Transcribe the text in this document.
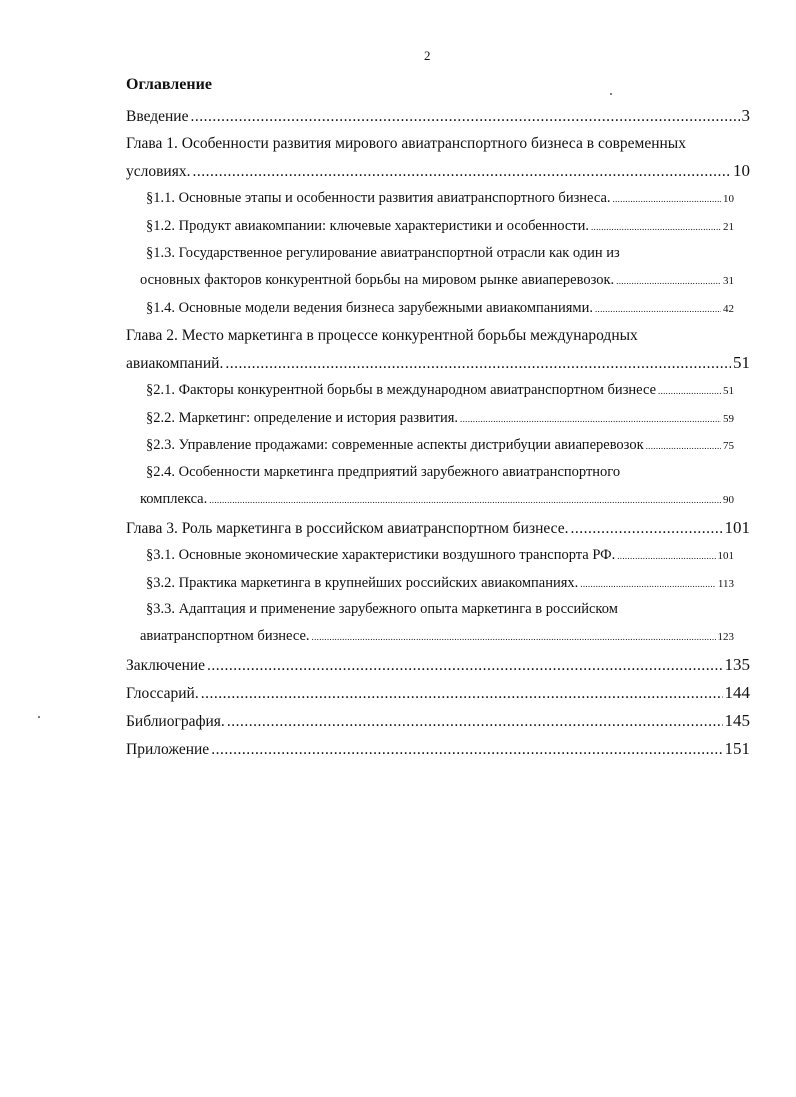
2
Оглавление
Введение .....	3
Глава 1. Особенности развития мирового авиатранспортного бизнеса в современных
условиях. .....	10
§1.1. Основные этапы и особенности развития авиатранспортного бизнеса. .....	10
§1.2. Продукт авиакомпании: ключевые характеристики и особенности. .....	21
§1.3. Государственное регулирование авиатранспортной отрасли как один из
основных факторов конкурентной борьбы на мировом рынке авиаперевозок. .....	31
§1.4. Основные модели ведения бизнеса зарубежными авиакомпаниями. .....	42
Глава 2. Место маркетинга в процессе конкурентной борьбы международных
авиакомпаний. .....	51
§2.1. Факторы конкурентной борьбы в международном авиатранспортном бизнесе .....	51
§2.2. Маркетинг: определение и история развития. .....	59
§2.3. Управление продажами: современные аспекты дистрибуции авиаперевозок .....	75
§2.4. Особенности маркетинга предприятий зарубежного авиатранспортного
комплекса. .....	90
Глава 3. Роль маркетинга в российском авиатранспортном бизнесе. .....	101
§3.1. Основные экономические характеристики воздушного транспорта РФ. .....	101
§3.2. Практика маркетинга в крупнейших российских авиакомпаниях. .....	113
§3.3. Адаптация и применение зарубежного опыта маркетинга в российском
авиатранспортном бизнесе. .....	123
Заключение .....	135
Глоссарий. .....	144
Библиография. .....	145
Приложение .....	151
